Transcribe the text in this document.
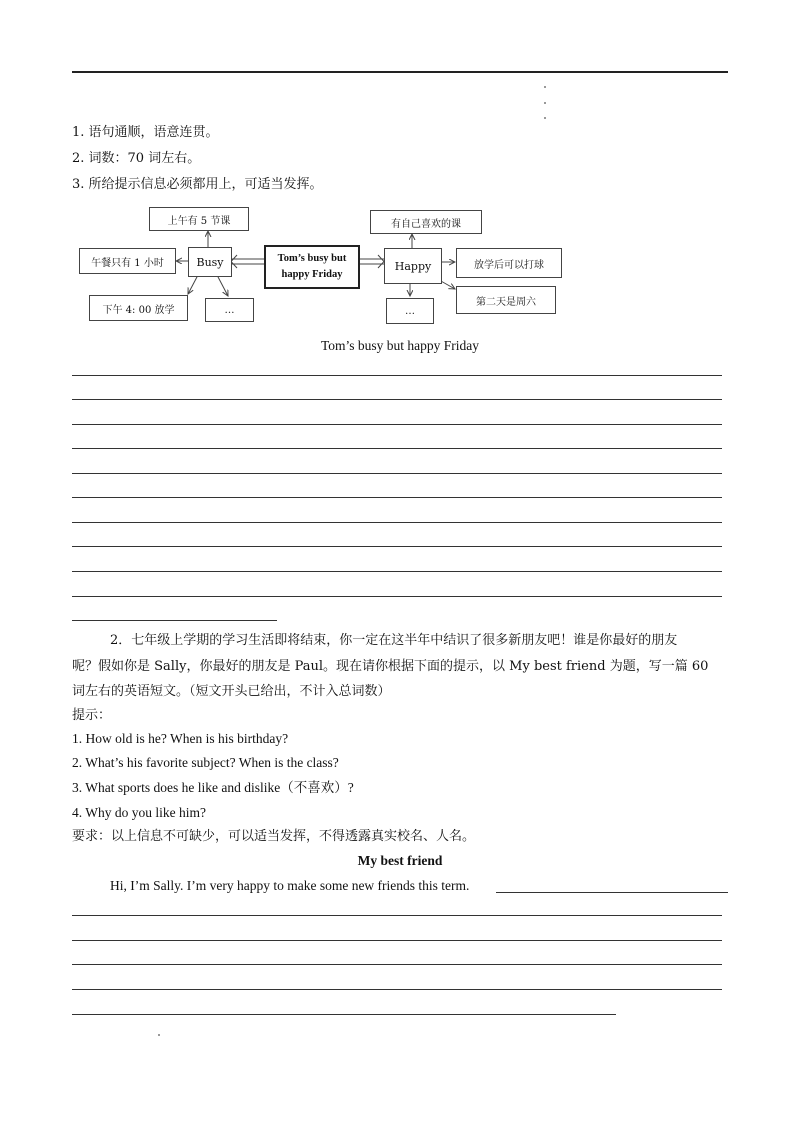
1. 语句通顺，语意连贯。
2. 词数：70 词左右。
3. 所给提示信息必须都用上，可适当发挥。
上午有 5 节课
午餐只有 1 小时	Busy
下午 4: 00 放学	…
Tom’s busy but
happy Friday
有自己喜欢的课
Happy	放学后可以打球
第二天是周六
…
Tom’s busy but happy Friday
2．七年级上学期的学习生活即将结束，你一定在这半年中结识了很多新朋友吧！谁是你最好的朋友
呢？假如你是 Sally，你最好的朋友是 Paul。现在请你根据下面的提示，以 My best friend 为题，写一篇 60
词左右的英语短文。（短文开头已给出，不计入总词数）
提示：
1. How old is he? When is his birthday?
2. What’s his favorite subject? When is the class?
3. What sports does he like and dislike（不喜欢）?
4. Why do you like him?
要求：以上信息不可缺少，可以适当发挥，不得透露真实校名、人名。
My best friend
Hi, I’m Sally. I’m very happy to make some new friends this term.
